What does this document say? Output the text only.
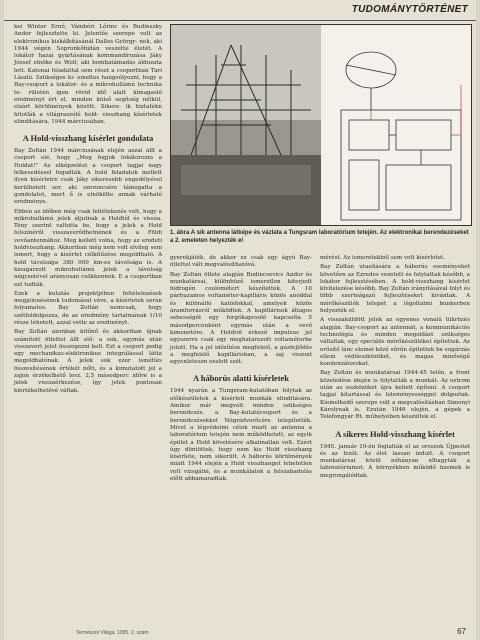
TUDOMÁNYTÖRTÉNET

kei Winter Ernő, Vámbéri Lőrinc és Budinszky Andor fejlesztette ki. Jelentős szerepe volt az elektronikus kiskálkításánál Dallos György- nek, aki 1944 végén Sopronkőhidán veszette életét. A lokátor hazai gyártásának kommandírozása Jáky József elnöke és Wolf, aki bombatámadás áldozata lett. Katonai feladattal sem részt a csoportban Tari László. Szükséges ki- emeltes hangsúlyozni, hogy a Bay-csoport a lokátor- és a mikrohullámú technika te- rületén igen rövid idő alatt kimagasló eredményt ért el, minden külső segítség nélkül, elzárt körülmények között. Sikere- ik hiztatékn hitotlák a világraszóló hold- visszhang kísérletek elindítására, 1944 márciusában.

A Hold-visszhang kísérlet gondolata

Bay Zoltán 1944 márciusának elején azzal állt a csoport elé, hogy „Meg fogjuk lokátorozni a Holdat!” Az elképzelést a csoport tagjai nagy lelkesedéssel fogadták. A hold feladatok mellett ilyen kísérletre csak Jáky sikeresebb engedélyével kerülhetett sor, aki szerencsére támogatta a gondolatot, mert ő is elnökölte annak várható eredménye.

Ebben az időben még csak feltétekezés volt, hogy a mikrohullámú jelek átjutnak a Holdtól és vissza. Tény szerint valtotta be, hogy a jelek a Hold felszínéről visszaverődhetnének és a Földi vevőantennához. Meg kellett volna, hogy az eredeti holdvisszhang. Akkoriban még nem volt elvileg sem ismert, hogy a kísérlet célkitűzése megoldható. A hold távolsága 380 000 km-es távolsága is. A kisugárzott mikrohullámú jelek a távolság négyzetével arányosan csökkennek. E a csoportban ezt tudták.

Ezek a kutatás projektjében feltételezések megjelenésének tudomásul véve, a kísérletek során folyamatos. Bay Zoltán nemcsak, hogy szétfeldolgozza, de az eredmény tartalmának 1/10 része lehetett, azzal vette az eredményt.

Bay Zoltán azonban kitűnő és akkoriban újnak számított ötlettel állt elő: a sok, egymás után visszavert jelet összegezni kell. Ezt a csoport pedig egy mechanikus-elektronikus integrálással látta megoldhatónak. A jelek sok ezer ismétlés összesítésének értékét nőtt, és a kimutatott jel a zajon érzékelhető lesz. 2,5 másodperc időre is a jelek visszaérkezése, így jelek pontosan kiértékelhetővé váltak.

1. ábra A sík antenna látképe és vázlata a Tungsram laboratórium tetején. Az elektronikai berendezéseket a 2. emeleten helyezték el

gyerekjáték, de akkor ez csak egy ágyú Bay-ötlettel vált megvalósíthatóvá.

Bay Zoltán ötlete alapján Budincsevics Andor és munkatársai, különböző ismeretlen kiterjedt hidrogén coulométert készítettek. A 10 párhuzamos voltaméter-kapilláris közös anóddal és különálló katódokkal, amelyek közös áramforrásról működtek. A kapillárisok átlagos sebességét egy forgókapcsoló kapcsolta 5 másodpercenként egymás után a vevő kimenetére. A Holdról érkező impulzus jel egyszerre csak egy meghatározott voltaméterbe jutott. Ha a jel időzítése megfelelő, a gázfejlődés a megfelelő kapillárisban, a zaj viszont egyenletesen oszlott szét.

A háborús alatti kísérletek

1944 nyarán a Tungsram-kutatóban folytak az előkészületek a kísérleti munkák elindítására. Amikor már megvolt minden szükséges berendezés, a Bay-kutatócsoport és a berendezésekkel Nógrádverőcére telepítették. Mivel a légvédelmi célok miatt az antenna a laboratórium tetején nem működhetett, az egyik épület a Hold követésére alkalmatlan volt. Ezért úgy döntöttek, hogy nem kis Hold visszhang kísérlete, nem sikerült. A háborús körülmények miatt 1944 elején a Hold visszhangot lehetetlen volt vizsgálni, és a munkálatok a felszabadulás előtt abbamaradtak.

mérést. Az ismeretekből sem volt kísérletet.

Bay Zoltán utasítására a háborús eseményeket követően az Ezredes vezetett és folytattak később, a lokátor fejlesztésében. A hold-visszhang kísérlet kivitelezése később, Bay Zoltán irányításával folyt és több szerteágazó fejlesztéseket kívántak. A mérőkészülék telepét a légoltalmi bunkerben helyezték el.

A visszaküldött jelek az egyenes vonalú tükrözés alapján. Bay-csoport az antennát, a kommunikációs technológia és minden megoldást szükséges vállaltak, egy speciális mérőkészüléket építettek. Az erősítő lánc elemei közé sűrűn építettek be sugárzás elleni védőeszközöket, és magas minőségű kondenzátorokat.

Bay Zoltán és munkatársai 1944-45 telén, a front közeledése idején is folytatták a munkát. Az ostrom után az eszközöket újra kellett építeni. A csoport tagjai kitartással és leleményességgel dolgoztak. Kiemelkedő szerepe volt a megvalósításban Simonyi Károlynak is. Ezután 1946 elején, a gépek a Telefongyár Rt. műhelyében készültek el.

A sikeres Hold-visszhang kísérlet

1945. január 10-én foglalták el az oroszok Újpestet és az Izzót. Az élet lassan indult. A csoport munkatársai közül néhányan elhagyták a laboratóriumot. A környékben működő üzemek is megrongálódtak.

Természet Világa, 1995. 2. szám	67
